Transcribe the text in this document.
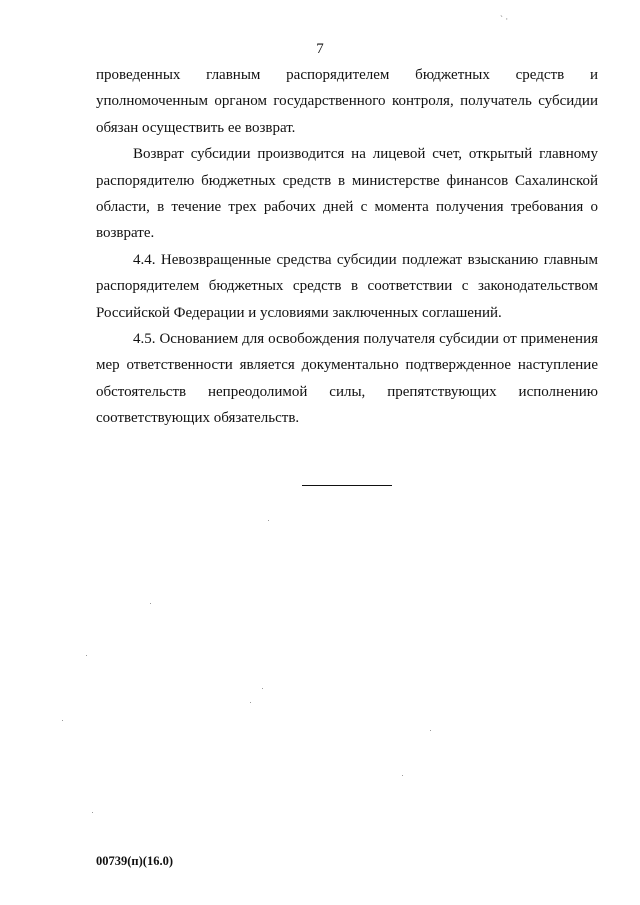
` ·
7

проведенных главным распорядителем бюджетных средств и уполномоченным органом государственного контроля, получатель субсидии обязан осуществить ее возврат.

Возврат субсидии производится на лицевой счет, открытый главному распорядителю бюджетных средств в министерстве финансов Сахалинской области, в течение трех рабочих дней с момента получения требования о возврате.

4.4. Невозвращенные средства субсидии подлежат взысканию главным распорядителем бюджетных средств в соответствии с законодательством Российской Федерации и условиями заключенных соглашений.

4.5. Основанием для освобождения получателя субсидии от применения мер ответственности является документально подтвержденное наступление обстоятельств непреодолимой силы, препятствующих исполнению соответствующих обязательств.

00739(п)(16.0)
